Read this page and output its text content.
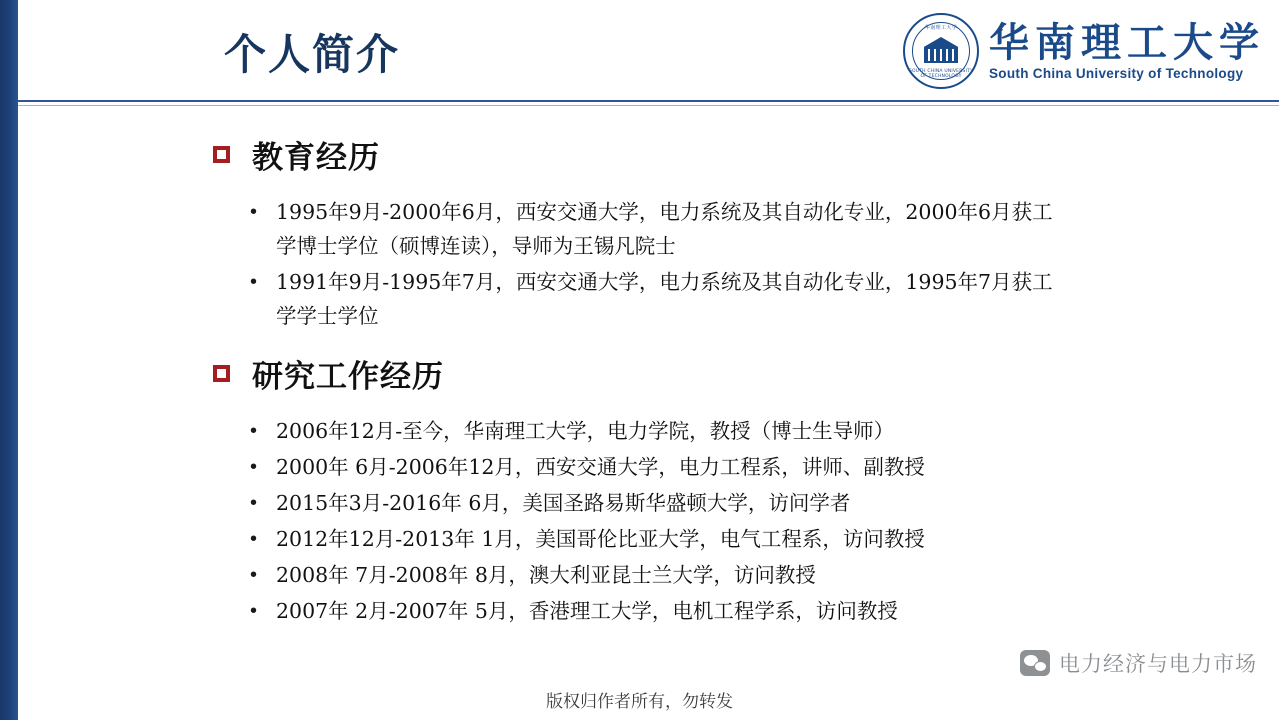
个人简介
华南理工大学
SOUTH CHINA UNIVERSITY OF TECHNOLOGY
华南理工大学
South China University of Technology
教育经历
• 1995年9月-2000年6月，西安交通大学，电力系统及其自动化专业，2000年6月获工学博士学位（硕博连读），导师为王锡凡院士
• 1991年9月-1995年7月，西安交通大学，电力系统及其自动化专业，1995年7月获工学学士学位
研究工作经历
• 2006年12月-至今，华南理工大学，电力学院，教授（博士生导师）
• 2000年 6月-2006年12月，西安交通大学，电力工程系，讲师、副教授
• 2015年3月-2016年 6月，美国圣路易斯华盛顿大学，访问学者
• 2012年12月-2013年 1月，美国哥伦比亚大学，电气工程系，访问教授
• 2008年 7月-2008年 8月，澳大利亚昆士兰大学，访问教授
• 2007年 2月-2007年 5月，香港理工大学，电机工程学系，访问教授
电力经济与电力市场
版权归作者所有，勿转发
